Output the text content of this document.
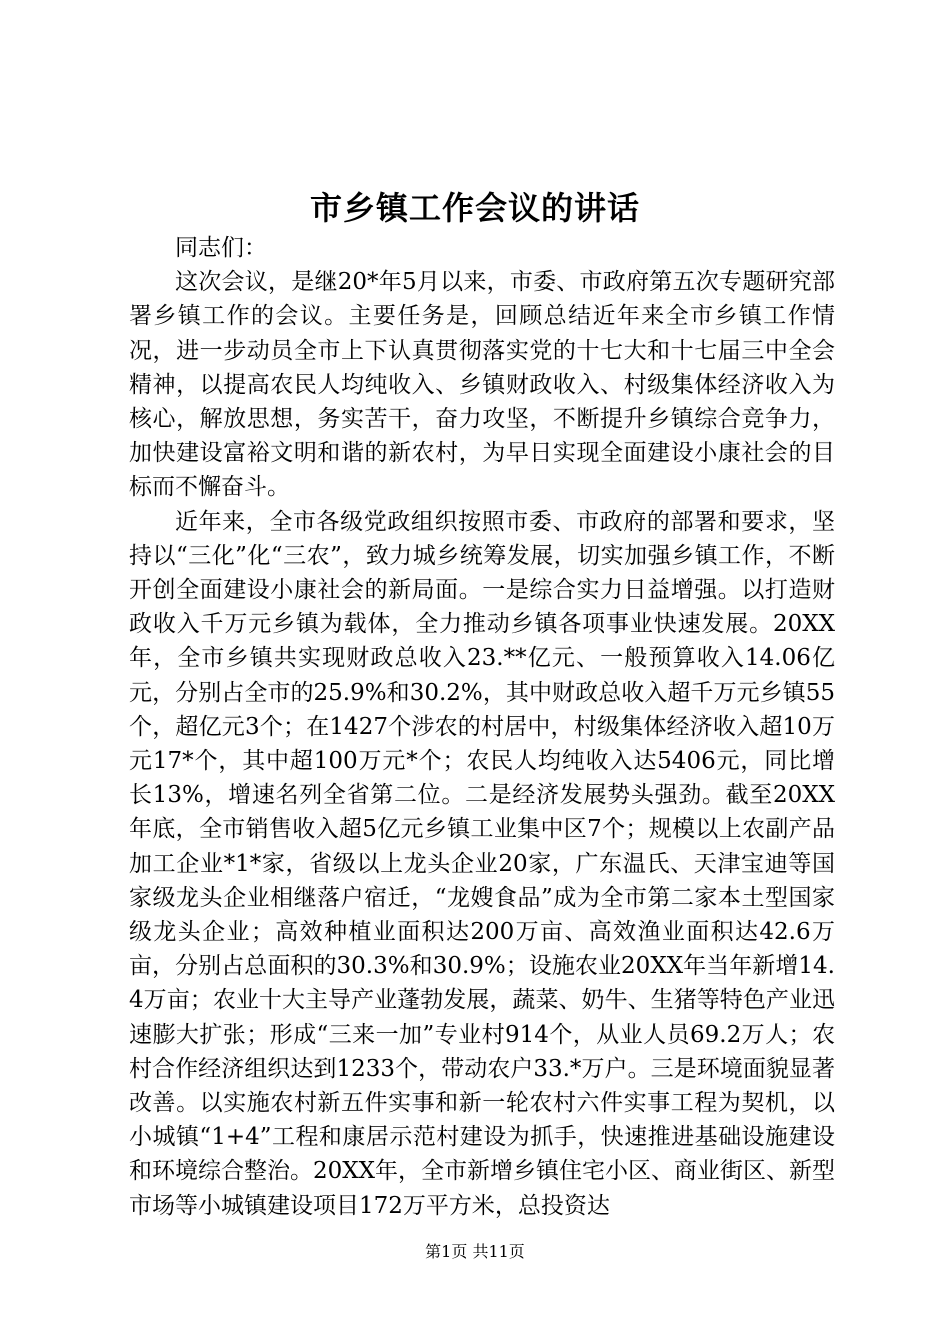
市乡镇工作会议的讲话

同志们：

这次会议，是继20*年5月以来，市委、市政府第五次专题研究部署乡镇工作的会议。主要任务是，回顾总结近年来全市乡镇工作情况，进一步动员全市上下认真贯彻落实党的十七大和十七届三中全会精神，以提高农民人均纯收入、乡镇财政收入、村级集体经济收入为核心，解放思想，务实苦干，奋力攻坚，不断提升乡镇综合竞争力，加快建设富裕文明和谐的新农村，为早日实现全面建设小康社会的目标而不懈奋斗。

近年来，全市各级党政组织按照市委、市政府的部署和要求，坚持以“三化”化“三农”，致力城乡统筹发展，切实加强乡镇工作，不断开创全面建设小康社会的新局面。一是综合实力日益增强。以打造财政收入千万元乡镇为载体，全力推动乡镇各项事业快速发展。20XX年，全市乡镇共实现财政总收入23.**亿元、一般预算收入14.06亿元，分别占全市的25.9%和30.2%，其中财政总收入超千万元乡镇55个，超亿元3个；在1427个涉农的村居中，村级集体经济收入超10万元17*个，其中超100万元*个；农民人均纯收入达5406元，同比增长13%，增速名列全省第二位。二是经济发展势头强劲。截至20XX年底，全市销售收入超5亿元乡镇工业集中区7个；规模以上农副产品加工企业*1*家，省级以上龙头企业20家，广东温氏、天津宝迪等国家级龙头企业相继落户宿迁，“龙嫂食品”成为全市第二家本土型国家级龙头企业；高效种植业面积达200万亩、高效渔业面积达42.6万亩，分别占总面积的30.3%和30.9%；设施农业20XX年当年新增14.4万亩；农业十大主导产业蓬勃发展，蔬菜、奶牛、生猪等特色产业迅速膨大扩张；形成“三来一加”专业村914个，从业人员69.2万人；农村合作经济组织达到1233个，带动农户33.*万户。三是环境面貌显著改善。以实施农村新五件实事和新一轮农村六件实事工程为契机，以小城镇“1+4”工程和康居示范村建设为抓手，快速推进基础设施建设和环境综合整治。20XX年，全市新增乡镇住宅小区、商业街区、新型市场等小城镇建设项目172万平方米，总投资达

第1页 共11页
